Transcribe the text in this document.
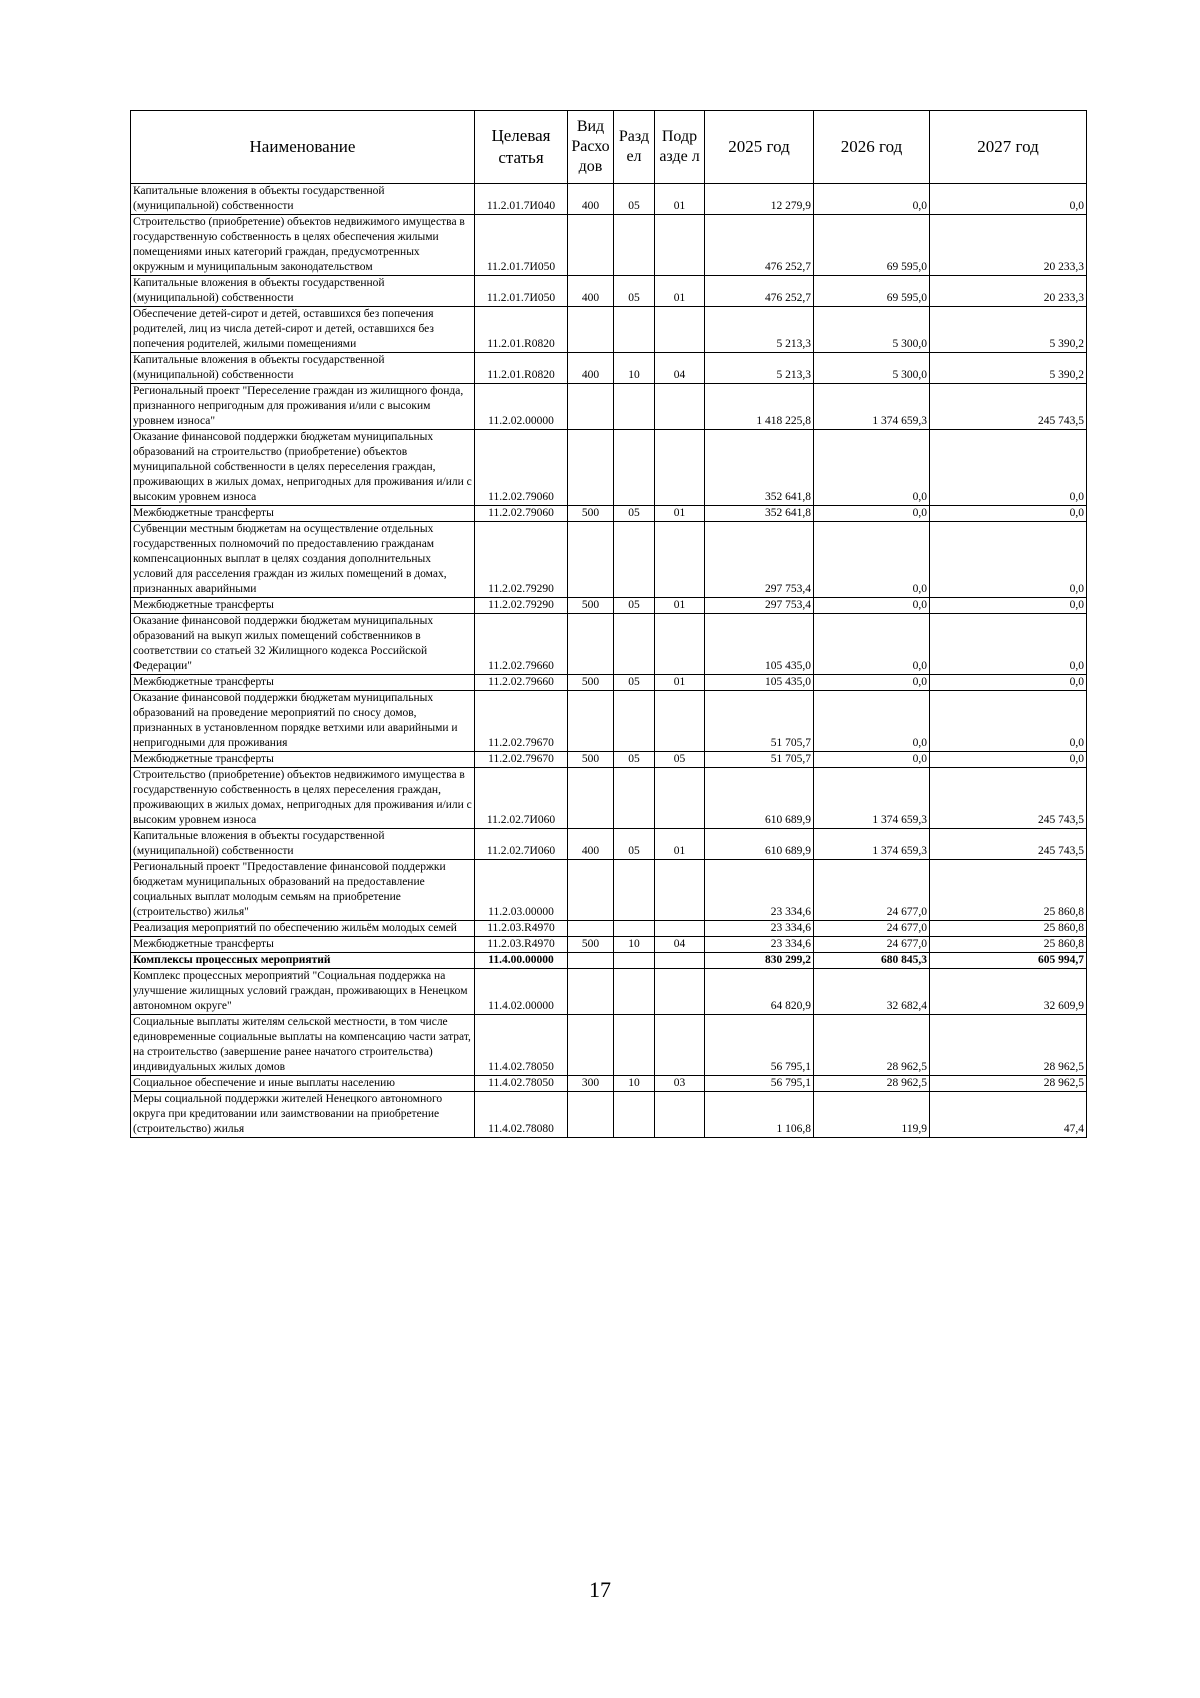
Наименование	Целевая статья	Вид Расхо дов	Разд ел	Подр азде л	2025 год	2026 год	2027 год
Капитальные вложения в объекты государственной (муниципальной) собственности	11.2.01.7И040	400	05	01	12 279,9	0,0	0,0
Строительство (приобретение) объектов недвижимого имущества в государственную собственность в целях обеспечения жилыми помещениями иных категорий граждан, предусмотренных окружным и муниципальным законодательством	11.2.01.7И050				476 252,7	69 595,0	20 233,3
Капитальные вложения в объекты государственной (муниципальной) собственности	11.2.01.7И050	400	05	01	476 252,7	69 595,0	20 233,3
Обеспечение детей-сирот и детей, оставшихся без попечения родителей, лиц из числа детей-сирот и детей, оставшихся без попечения родителей, жилыми помещениями	11.2.01.R0820				5 213,3	5 300,0	5 390,2
Капитальные вложения в объекты государственной (муниципальной) собственности	11.2.01.R0820	400	10	04	5 213,3	5 300,0	5 390,2
Региональный проект "Переселение граждан из жилищного фонда, признанного непригодным для проживания и/или с высоким уровнем износа"	11.2.02.00000				1 418 225,8	1 374 659,3	245 743,5
Оказание финансовой поддержки бюджетам муниципальных образований на строительство (приобретение) объектов муниципальной собственности в целях переселения граждан, проживающих в жилых домах, непригодных для проживания и/или с высоким уровнем износа	11.2.02.79060				352 641,8	0,0	0,0
Межбюджетные трансферты	11.2.02.79060	500	05	01	352 641,8	0,0	0,0
Субвенции местным бюджетам на осуществление отдельных государственных полномочий по предоставлению гражданам компенсационных выплат в целях создания дополнительных условий для расселения граждан из жилых помещений в домах, признанных аварийными	11.2.02.79290				297 753,4	0,0	0,0
Межбюджетные трансферты	11.2.02.79290	500	05	01	297 753,4	0,0	0,0
Оказание финансовой поддержки бюджетам муниципальных образований на выкуп жилых помещений собственников в соответствии со статьей 32 Жилищного кодекса Российской Федерации"	11.2.02.79660				105 435,0	0,0	0,0
Межбюджетные трансферты	11.2.02.79660	500	05	01	105 435,0	0,0	0,0
Оказание финансовой поддержки бюджетам муниципальных образований на проведение мероприятий по сносу домов, признанных в установленном порядке ветхими или аварийными и непригодными для проживания	11.2.02.79670				51 705,7	0,0	0,0
Межбюджетные трансферты	11.2.02.79670	500	05	05	51 705,7	0,0	0,0
Строительство (приобретение) объектов недвижимого имущества в государственную собственность в целях переселения граждан, проживающих в жилых домах, непригодных для проживания и/или с высоким уровнем износа	11.2.02.7И060				610 689,9	1 374 659,3	245 743,5
Капитальные вложения в объекты государственной (муниципальной) собственности	11.2.02.7И060	400	05	01	610 689,9	1 374 659,3	245 743,5
Региональный проект "Предоставление финансовой поддержки бюджетам муниципальных образований на предоставление социальных выплат молодым семьям на приобретение (строительство) жилья"	11.2.03.00000				23 334,6	24 677,0	25 860,8
Реализация мероприятий по обеспечению жильём молодых семей	11.2.03.R4970				23 334,6	24 677,0	25 860,8
Межбюджетные трансферты	11.2.03.R4970	500	10	04	23 334,6	24 677,0	25 860,8
Комплексы процессных мероприятий	11.4.00.00000				830 299,2	680 845,3	605 994,7
Комплекс процессных мероприятий "Социальная поддержка на улучшение жилищных условий граждан, проживающих в Ненецком автономном округе"	11.4.02.00000				64 820,9	32 682,4	32 609,9
Социальные выплаты жителям сельской местности, в том числе единовременные социальные выплаты на компенсацию части затрат, на строительство (завершение ранее начатого строительства) индивидуальных жилых домов	11.4.02.78050				56 795,1	28 962,5	28 962,5
Социальное обеспечение и иные выплаты населению	11.4.02.78050	300	10	03	56 795,1	28 962,5	28 962,5
Меры социальной поддержки жителей Ненецкого автономного округа при кредитовании или заимствовании на приобретение (строительство) жилья	11.4.02.78080				1 106,8	119,9	47,4
17
